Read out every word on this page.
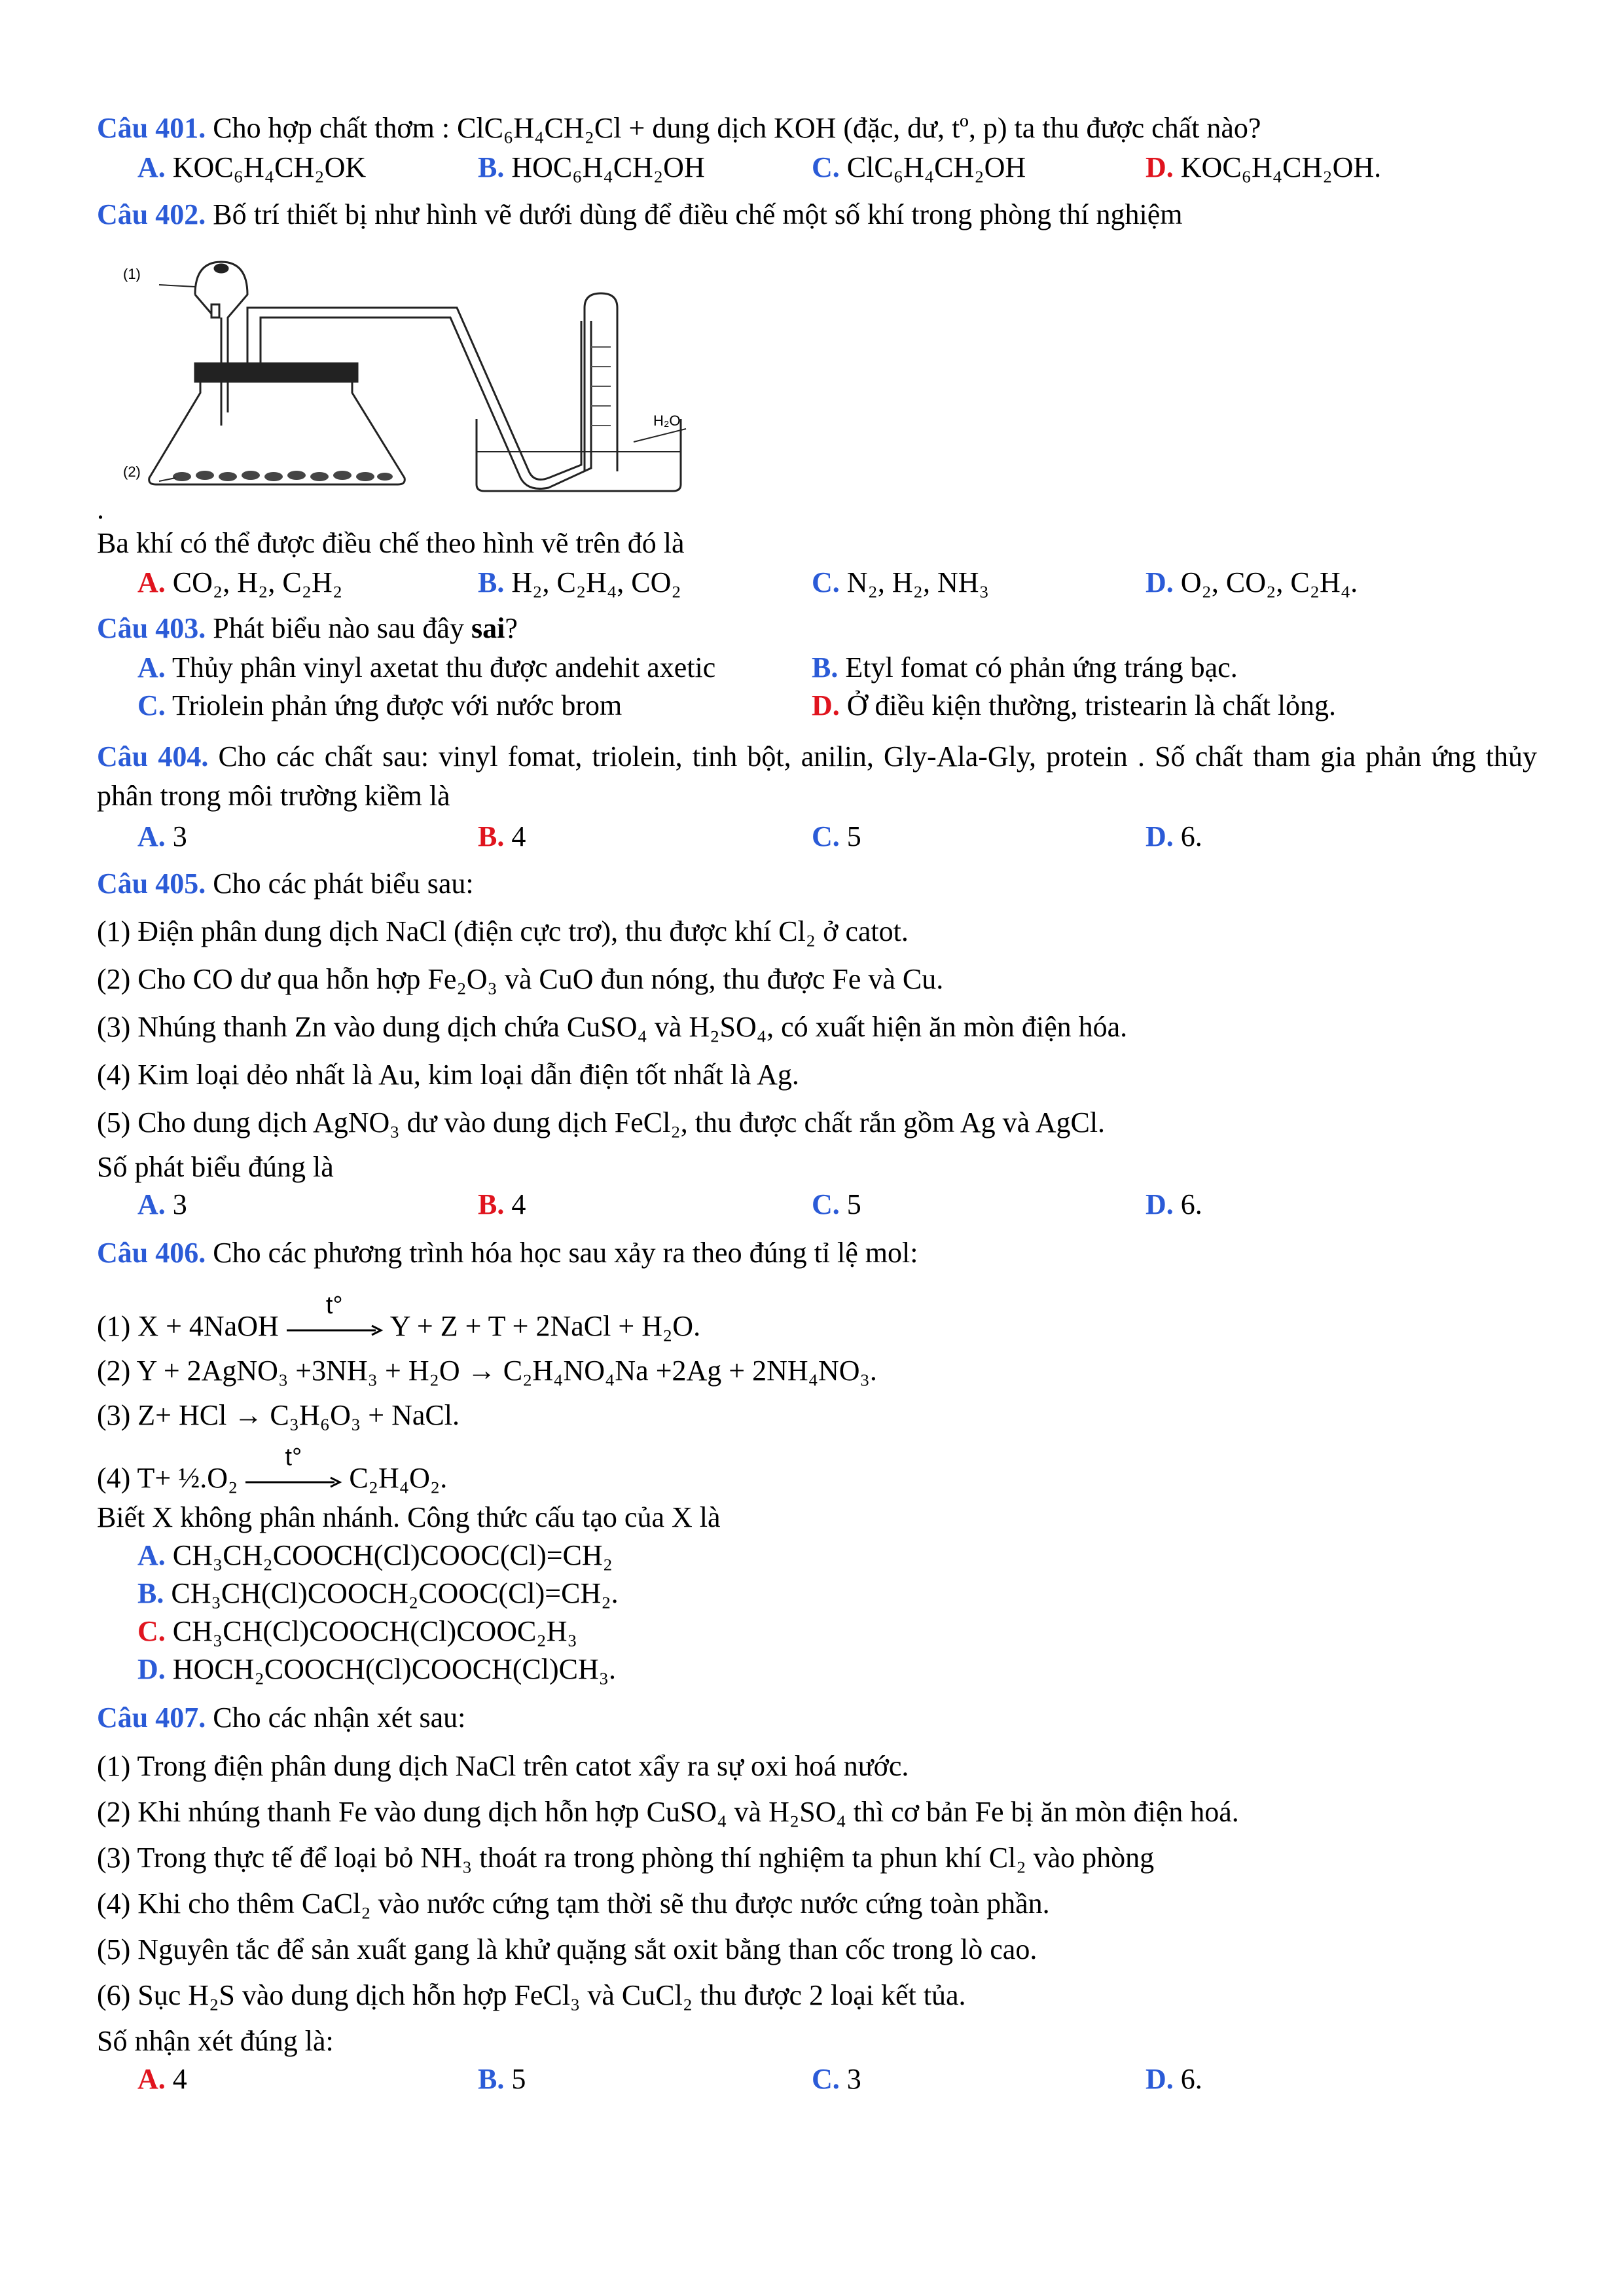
Câu 401. Cho hợp chất thơm : ClC₆H₄CH₂Cl + dung dịch KOH (đặc, dư, tº, p) ta thu được chất nào?
A. KOC₆H₄CH₂OK	B. HOC₆H₄CH₂OH	C. ClC₆H₄CH₂OH	D. KOC₆H₄CH₂OH.
Câu 402. Bố trí thiết bị như hình vẽ dưới dùng để điều chế một số khí trong phòng thí nghiệm
(1)
(2)
H₂O
.
Ba khí có thể được điều chế theo hình vẽ trên đó là
A. CO₂, H₂, C₂H₂	B. H₂, C₂H₄, CO₂	C. N₂, H₂, NH₃	D. O₂, CO₂, C₂H₄.
Câu 403. Phát biểu nào sau đây sai?
A. Thủy phân vinyl axetat thu được andehit axetic	B. Etyl fomat có phản ứng tráng bạc.
C. Triolein phản ứng được với nước brom	D. Ở điều kiện thường, tristearin là chất lỏng.
Câu 404. Cho các chất sau: vinyl fomat, triolein, tinh bột, anilin, Gly-Ala-Gly, protein . Số chất tham gia phản ứng thủy phân trong môi trường kiềm là
A. 3	B. 4	C. 5	D. 6.
Câu 405. Cho các phát biểu sau:
(1) Điện phân dung dịch NaCl (điện cực trơ), thu được khí Cl₂ ở catot.
(2) Cho CO dư qua hỗn hợp Fe₂O₃ và CuO đun nóng, thu được Fe và Cu.
(3) Nhúng thanh Zn vào dung dịch chứa CuSO₄ và H₂SO₄, có xuất hiện ăn mòn điện hóa.
(4) Kim loại dẻo nhất là Au, kim loại dẫn điện tốt nhất là Ag.
(5) Cho dung dịch AgNO₃ dư vào dung dịch FeCl₂, thu được chất rắn gồm Ag và AgCl.
Số phát biểu đúng là
A. 3	B. 4	C. 5	D. 6.
Câu 406. Cho các phương trình hóa học sau xảy ra theo đúng tỉ lệ mol:
(1) X + 4NaOH
t°
Y + Z + T + 2NaCl + H₂O.
(2) Y + 2AgNO₃ +3NH₃ + H₂O → C₂H₄NO₄Na +2Ag + 2NH₄NO₃.
(3) Z+ HCl → C₃H₆O₃ + NaCl.
(4) T+ ½.O₂
t°
C₂H₄O₂.
Biết X không phân nhánh. Công thức cấu tạo của X là
A. CH₃CH₂COOCH(Cl)COOC(Cl)=CH₂
B. CH₃CH(Cl)COOCH₂COOC(Cl)=CH₂.
C. CH₃CH(Cl)COOCH(Cl)COOC₂H₃
D. HOCH₂COOCH(Cl)COOCH(Cl)CH₃.
Câu 407. Cho các nhận xét sau:
(1) Trong điện phân dung dịch NaCl trên catot xẩy ra sự oxi hoá nước.
(2) Khi nhúng thanh Fe vào dung dịch hỗn hợp CuSO₄ và H₂SO₄ thì cơ bản Fe bị ăn mòn điện hoá.
(3) Trong thực tế để loại bỏ NH₃ thoát ra trong phòng thí nghiệm ta phun khí Cl₂ vào phòng
(4) Khi cho thêm CaCl₂ vào nước cứng tạm thời sẽ thu được nước cứng toàn phần.
(5) Nguyên tắc để sản xuất gang là khử quặng sắt oxit bằng than cốc trong lò cao.
(6) Sục H₂S vào dung dịch hỗn hợp FeCl₃ và CuCl₂ thu được 2 loại kết tủa.
Số nhận xét đúng là:
A. 4	B. 5	C. 3	D. 6.
